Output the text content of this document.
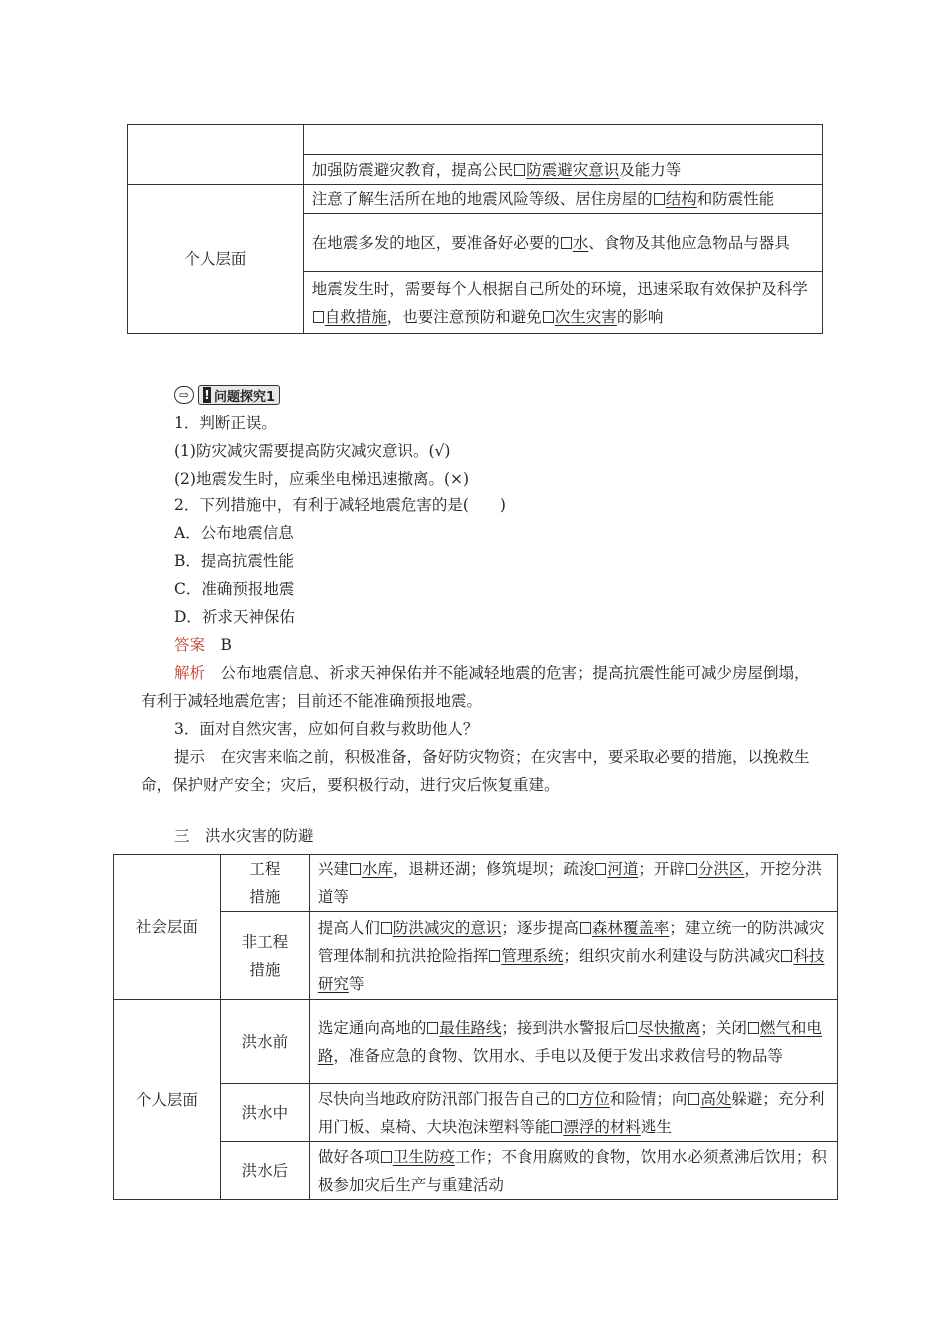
	加强防震避灾教育，提高公民 防震避灾意识及能力等
个人层面	注意了解生活所在地的地震风险等级、居住房屋的 结构和防震性能
	在地震多发的地区，要准备好必要的 水、食物及其他应急物品与器具
	地震发生时，需要每个人根据自己所处的环境，迅速采取有效保护及科学自救措施，也要注意预防和避免 次生灾害的影响
⇨	! 问题探究1
1．判断正误。
(1)防灾减灾需要提高防灾减灾意识。(√)
(2)地震发生时，应乘坐电梯迅速撤离。(×)
2．下列措施中，有利于减轻地震危害的是(　　)
A．公布地震信息
B．提高抗震性能
C．准确预报地震
D．祈求天神保佑
答案　 B
解析　 公布地震信息、祈求天神保佑并不能减轻地震的危害；提高抗震性能可减少房屋倒塌，有利于减轻地震危害；目前还不能准确预报地震。
3．面对自然灾害，应如何自救与救助他人？
提示　 在灾害来临之前，积极准备，备好防灾物资；在灾害中，要采取必要的措施，以挽救生命，保护财产安全；灾后，要积极行动，进行灾后恢复重建。
三　洪水灾害的防避
社会层面	工程措施	兴建 水库，退耕还湖；修筑堤坝；疏浚 河道；开辟 分洪区，开挖分洪道等
	非工程措施	提高人们 防洪减灾的意识；逐步提高 森林覆盖率；建立统一的防洪减灾管理体制和抗洪抢险指挥 管理系统；组织灾前水利建设与防洪减灾 科技研究等
个人层面	洪水前	选定通向高地的 最佳路线；接到洪水警报后 尽快撤离；关闭 燃气和电路，准备应急的食物、饮用水、手电以及便于发出求救信号的物品等
	洪水中	尽快向当地政府防汛部门报告自己的 方位和险情；向 高处躲避；充分利用门板、桌椅、大块泡沫塑料等能 漂浮的材料逃生
	洪水后	做好各项 卫生防疫工作；不食用腐败的食物，饮用水必须煮沸后饮用；积极参加灾后生产与重建活动
